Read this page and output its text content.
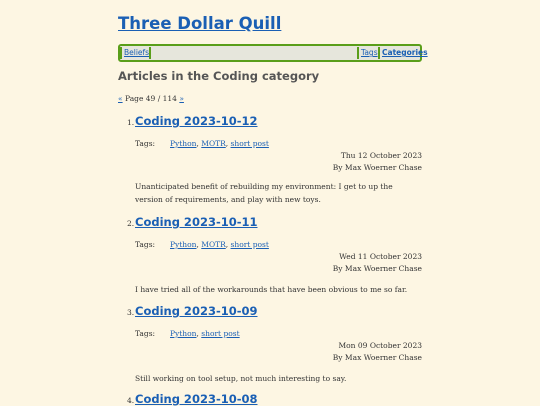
Three Dollar Quill
Beliefs	Tags Categories
Articles in the Coding category
« Page 49 / 114 »
1. Coding 2023-10-12
Tags: Python, MOTR, short post
Thu 12 October 2023
By Max Woerner Chase
Unanticipated benefit of rebuilding my environment: I get to up the version of requirements, and play with new toys.
2. Coding 2023-10-11
Tags: Python, MOTR, short post
Wed 11 October 2023
By Max Woerner Chase
I have tried all of the workarounds that have been obvious to me so far.
3. Coding 2023-10-09
Tags: Python, short post
Mon 09 October 2023
By Max Woerner Chase
Still working on tool setup, not much interesting to say.
4. Coding 2023-10-08
